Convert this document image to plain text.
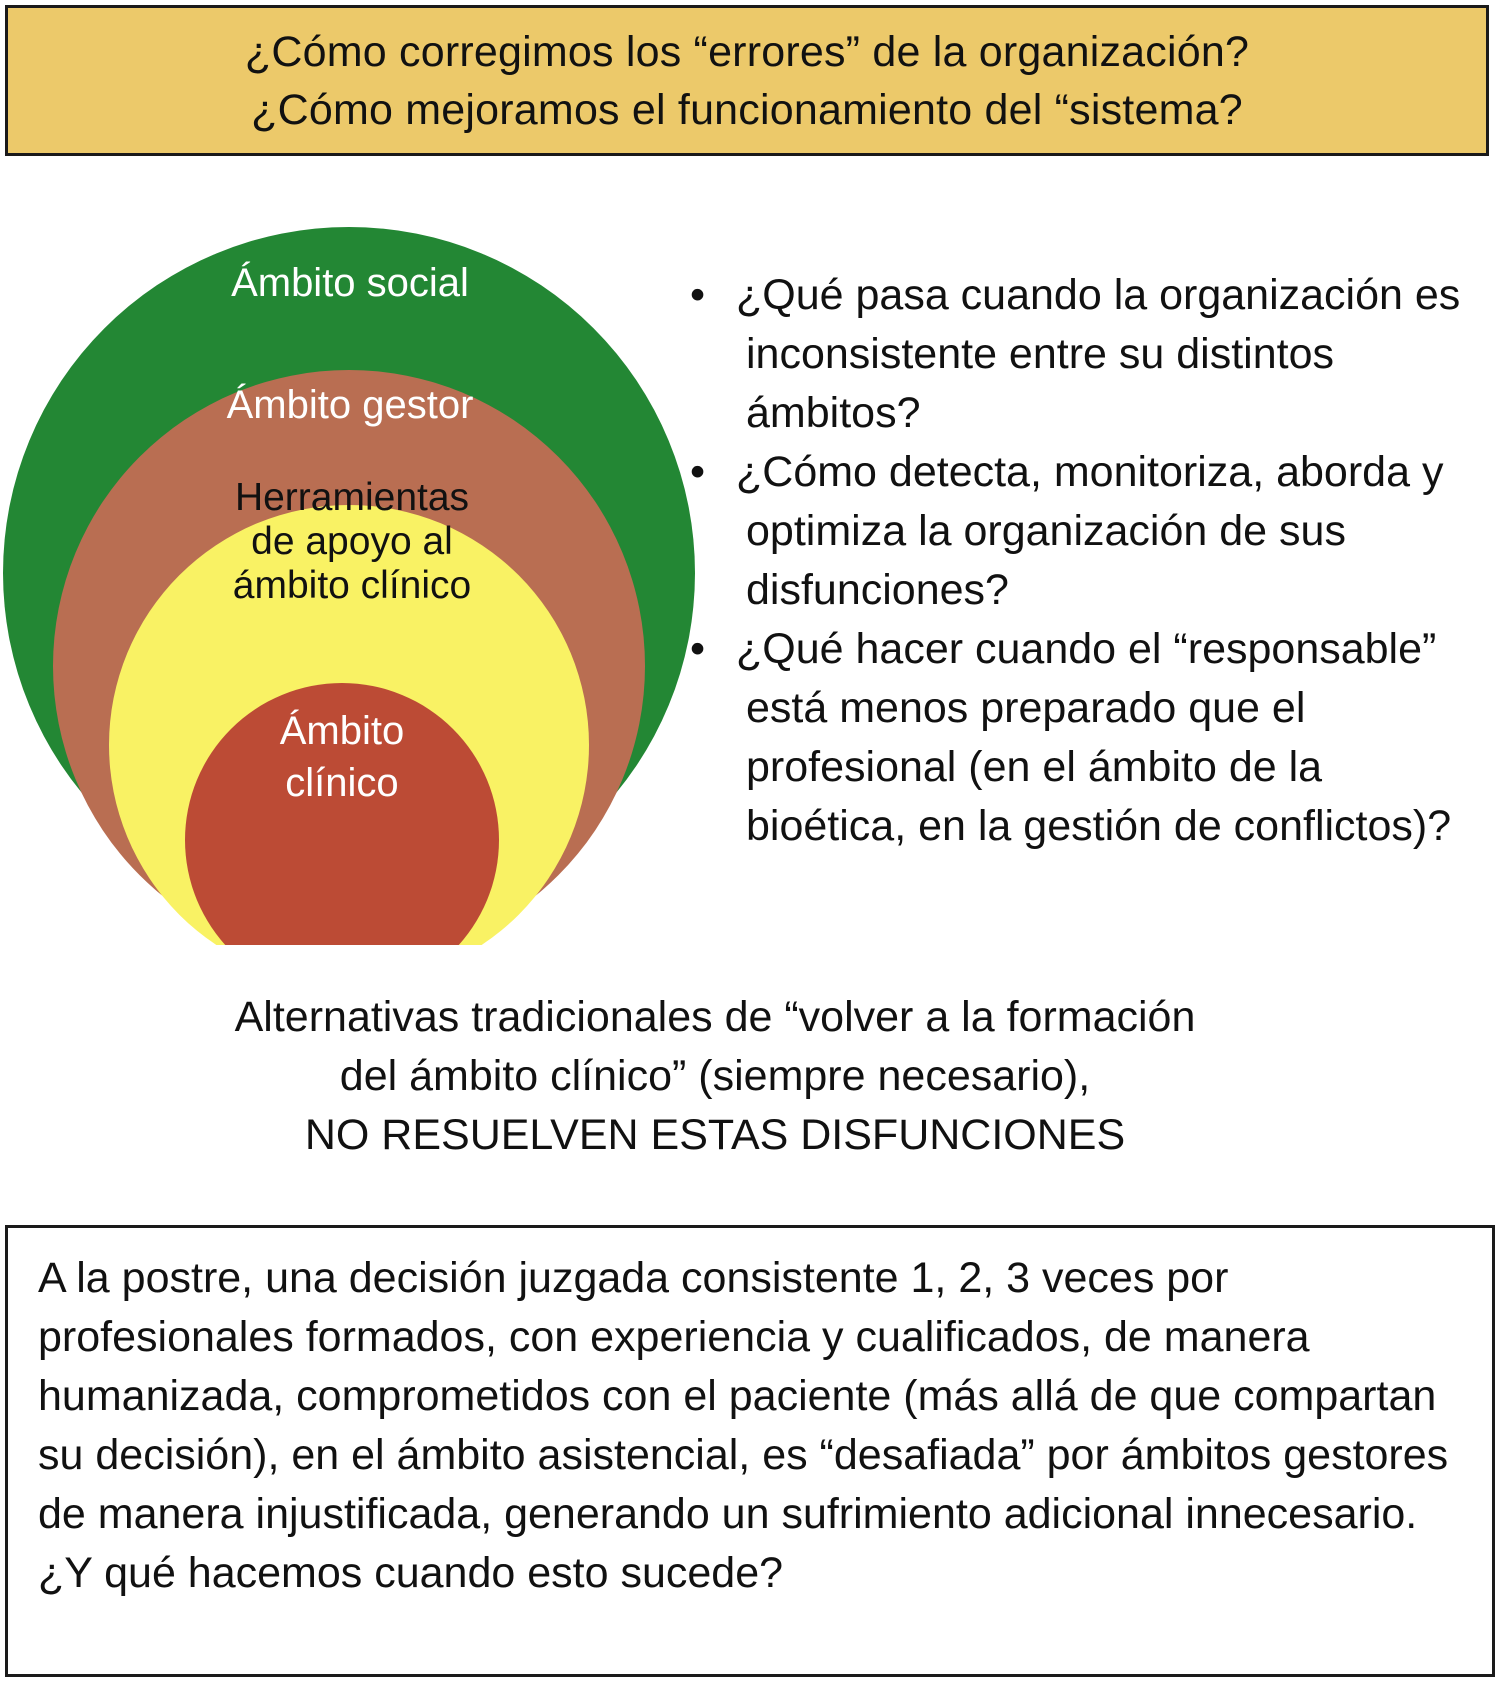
¿Cómo corregimos los “errores” de la organización?
¿Cómo mejoramos el funcionamiento del “sistema?
Ámbito social
Ámbito gestor
Herramientas
de apoyo al
ámbito clínico
Ámbito
clínico
• ¿Qué pasa cuando la organización es inconsistente entre su distintos ámbitos?
• ¿Cómo detecta, monitoriza, aborda y optimiza la organización de sus disfunciones?
• ¿Qué hacer cuando el “responsable” está menos preparado que el profesional (en el ámbito de la bioética, en la gestión de conflictos)?
Alternativas tradicionales de “volver a la formación
del ámbito clínico” (siempre necesario),
NO RESUELVEN ESTAS DISFUNCIONES
A la postre, una decisión juzgada consistente 1, 2, 3 veces por profesionales formados, con experiencia y cualificados, de manera humanizada, comprometidos con el paciente (más allá de que compartan su decisión), en el ámbito asistencial, es “desafiada” por ámbitos gestores de manera injustificada, generando un sufrimiento adicional innecesario. ¿Y qué hacemos cuando esto sucede?
